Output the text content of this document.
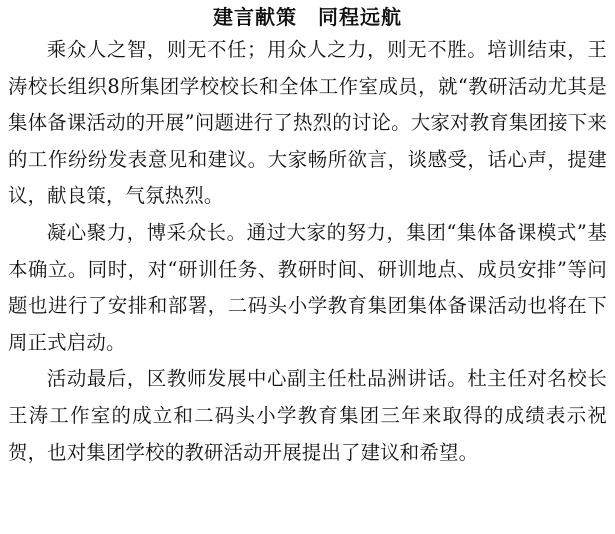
建言献策　同程远航

乘众人之智，则无不任；用众人之力，则无不胜。培训结束，王涛校长组织8所集团学校校长和全体工作室成员，就“教研活动尤其是集体备课活动的开展”问题进行了热烈的讨论。大家对教育集团接下来的工作纷纷发表意见和建议。大家畅所欲言，谈感受，话心声，提建议，献良策，气氛热烈。

凝心聚力，博采众长。通过大家的努力，集团“集体备课模式”基本确立。同时，对“研训任务、教研时间、研训地点、成员安排”等问题也进行了安排和部署，二码头小学教育集团集体备课活动也将在下周正式启动。

活动最后，区教师发展中心副主任杜品洲讲话。杜主任对名校长王涛工作室的成立和二码头小学教育集团三年来取得的成绩表示祝贺，也对集团学校的教研活动开展提出了建议和希望。
